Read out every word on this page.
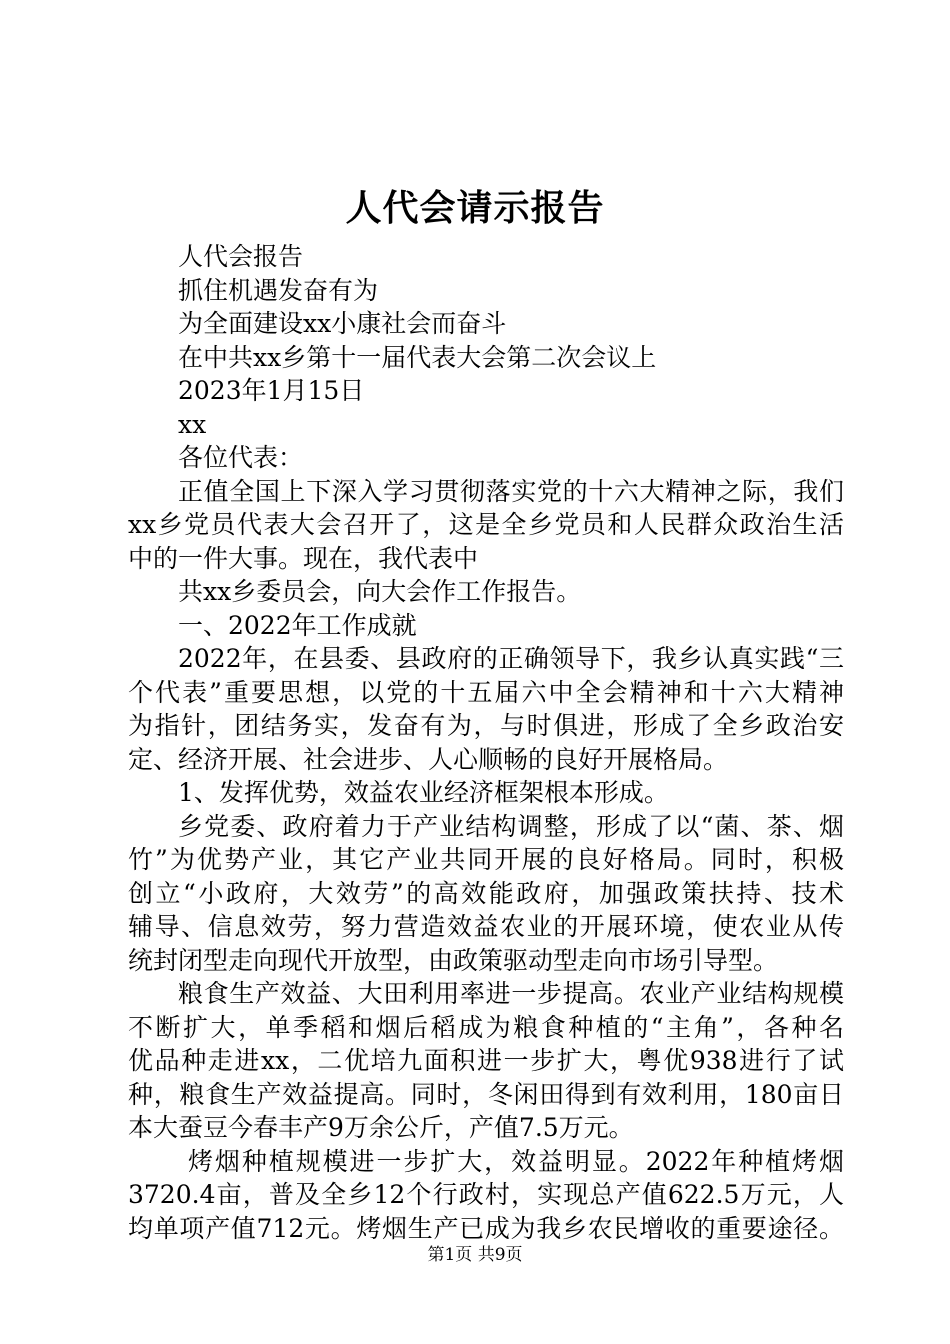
人代会请示报告
人代会报告
抓住机遇发奋有为
为全面建设xx小康社会而奋斗
在中共xx乡第十一届代表大会第二次会议上
2023年1月15日
xx
各位代表：
正值全国上下深入学习贯彻落实党的十六大精神之际，我们
xx乡党员代表大会召开了，这是全乡党员和人民群众政治生活
中的一件大事。现在，我代表中
共xx乡委员会，向大会作工作报告。
一、2022年工作成就
2022年，在县委、县政府的正确领导下，我乡认真实践“三
个代表”重要思想，以党的十五届六中全会精神和十六大精神
为指针，团结务实，发奋有为，与时俱进，形成了全乡政治安
定、经济开展、社会进步、人心顺畅的良好开展格局。
1、发挥优势，效益农业经济框架根本形成。
乡党委、政府着力于产业结构调整，形成了以“菌、茶、烟
竹”为优势产业，其它产业共同开展的良好格局。同时，积极
创立“小政府，大效劳”的高效能政府，加强政策扶持、技术
辅导、信息效劳，努力营造效益农业的开展环境，使农业从传
统封闭型走向现代开放型，由政策驱动型走向市场引导型。
粮食生产效益、大田利用率进一步提高。农业产业结构规模
不断扩大，单季稻和烟后稻成为粮食种植的“主角”，各种名
优品种走进xx，二优培九面积进一步扩大，粤优938进行了试
种，粮食生产效益提高。同时，冬闲田得到有效利用，180亩日
本大蚕豆今春丰产9万余公斤，产值7.5万元。
烤烟种植规模进一步扩大，效益明显。2022年种植烤烟
3720.4亩，普及全乡12个行政村，实现总产值622.5万元，人
均单项产值712元。烤烟生产已成为我乡农民增收的重要途径。
第1页 共9页
